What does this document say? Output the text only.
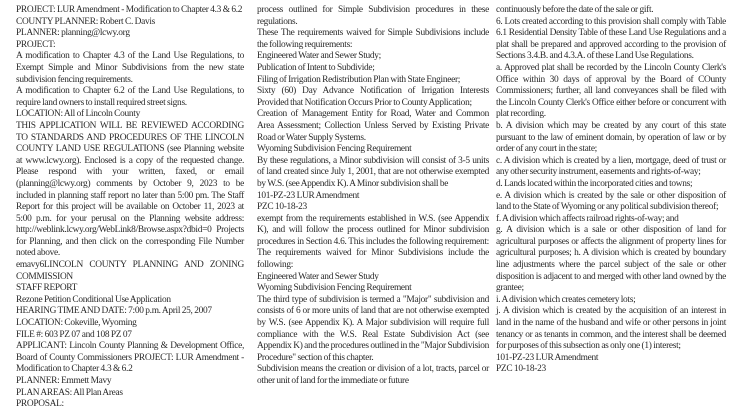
PROJECT: LUR Amendment - Modification to Chapter 4.3 & 6.2

COUNTY PLANNER: Robert C. Davis

PLANNER: planning@lcwy.org

PROJECT:

A modification to Chapter 4.3 of the Land Use Regulations, to Exempt Simple and Minor Subdivisions from the new state subdivision fencing requirements.

A modification to Chapter 6.2 of the Land Use Regulations, to require land owners to install required street signs.

LOCATION: All of Lincoln County

THIS APPLICATION WILL BE REVIEWED ACCORDING TO STANDARDS AND PROCEDURES OF THE LINCOLN COUNTY LAND USE REGULATIONS (see Planning website at www.lcwy.org). Enclosed is a copy of the requested change. Please respond with your written, faxed, or email (planning@lcwy.org) comments by October 9, 2023 to be included in planning staff report no later than 5:00 pm. The Staff Report for this project will be available on October 11, 2023 at 5:00 p.m. for your perusal on the Planning website address: http://weblink.lcwy.org/WebLink8/Browse.aspx?dbid=0 Projects for Planning, and then click on the corresponding File Number noted above.

emavy6LINCOLN COUNTY PLANNING AND ZONING COMMISSION

STAFF REPORT

Rezone Petition Conditional Use Application

HEARING TIME AND DATE: 7:00 p.m. April 25, 2007

LOCATION: Cokeville, Wyoming

FILE #: 603 PZ 07 and 108 PZ 07

APPLICANT: Lincoln County Planning & Development Office, Board of County Commissioners PROJECT: LUR Amendment - Modification to Chapter 4.3 & 6.2

PLANNER: Emmett Mavy

PLAN AREAS: All Plan Areas

PROPOSAL:

process outlined for Simple Subdivision procedures in these regulations.

These The requirements waived for Simple Subdivisions include the following requirements:

Engineered Water and Sewer Study;

Publication of Intent to Subdivide;

Filing of Irrigation Redistribution Plan with State Engineer;

Sixty (60) Day Advance Notification of Irrigation Interests Provided that Notification Occurs Prior to County Application;

Creation of Management Entity for Road, Water and Common Area Assessment; Collection Unless Served by Existing Private Road or Water Supply Systems.

Wyoming Subdivision Fencing Requirement

By these regulations, a Minor subdivision will consist of 3-5 units of land created since July 1, 2001, that are not otherwise exempted by W.S. (see Appendix K). A Minor subdivision shall be

101-PZ-23 LUR Amendment

PZC 10-18-23

exempt from the requirements established in W.S. (see Appendix K), and will follow the process outlined for Minor subdivision procedures in Section 4.6. This includes the following requirement: The requirements waived for Minor Subdivisions include the following:

Engineered Water and Sewer Study

Wyoming Subdivision Fencing Requirement

The third type of subdivision is termed a "Major" subdivision and consists of 6 or more units of land that are not otherwise exempted by W.S. (see Appendix K). A Major subdivision will require full compliance with the W.S. Real Estate Subdivision Act (see Appendix K) and the procedures outlined in the "Major Subdivision Procedure" section of this chapter.

Subdivision means the creation or division of a lot, tracts, parcel or other unit of land for the immediate or future

continuously before the date of the sale or gift.

6. Lots created according to this provision shall comply with Table 6.1 Residential Density Table of these Land Use Regulations and a plat shall be prepared and approved according to the provision of Sections 3.4.B. and 4.3.A. of these Land Use Regulations.

a. Approved plat shall be recorded by the Lincoln County Clerk's Office within 30 days of approval by the Board of COunty Commissioners; further, all land conveyances shall be filed with the Lincoln County Clerk's Office either before or concurrent with plat recording.

b. A division which may be created by any court of this state pursuant to the law of eminent domain, by operation of law or by order of any court in the state;

c. A division which is created by a lien, mortgage, deed of trust or any other security instrument, easements and rights-of-way;

d. Lands located within the incorporated cities and towns;

e. A division which is created by the sale or other disposition of land to the State of Wyoming or any political subdivision thereof;

f. A division which affects railroad rights-of-way; and

g. A division which is a sale or other disposition of land for agricultural purposes or affects the alignment of property lines for agricultural purposes; h. A division which is created by boundary line adjustments where the parcel subject of the sale or other disposition is adjacent to and merged with other land owned by the grantee;

i. A division which creates cemetery lots;

j. A division which is created by the acquisition of an interest in land in the name of the husband and wife or other persons in joint tenancy or as tenants in common, and the interest shall be deemed for purposes of this subsection as only one (1) interest;

101-PZ-23 LUR Amendment

PZC 10-18-23
